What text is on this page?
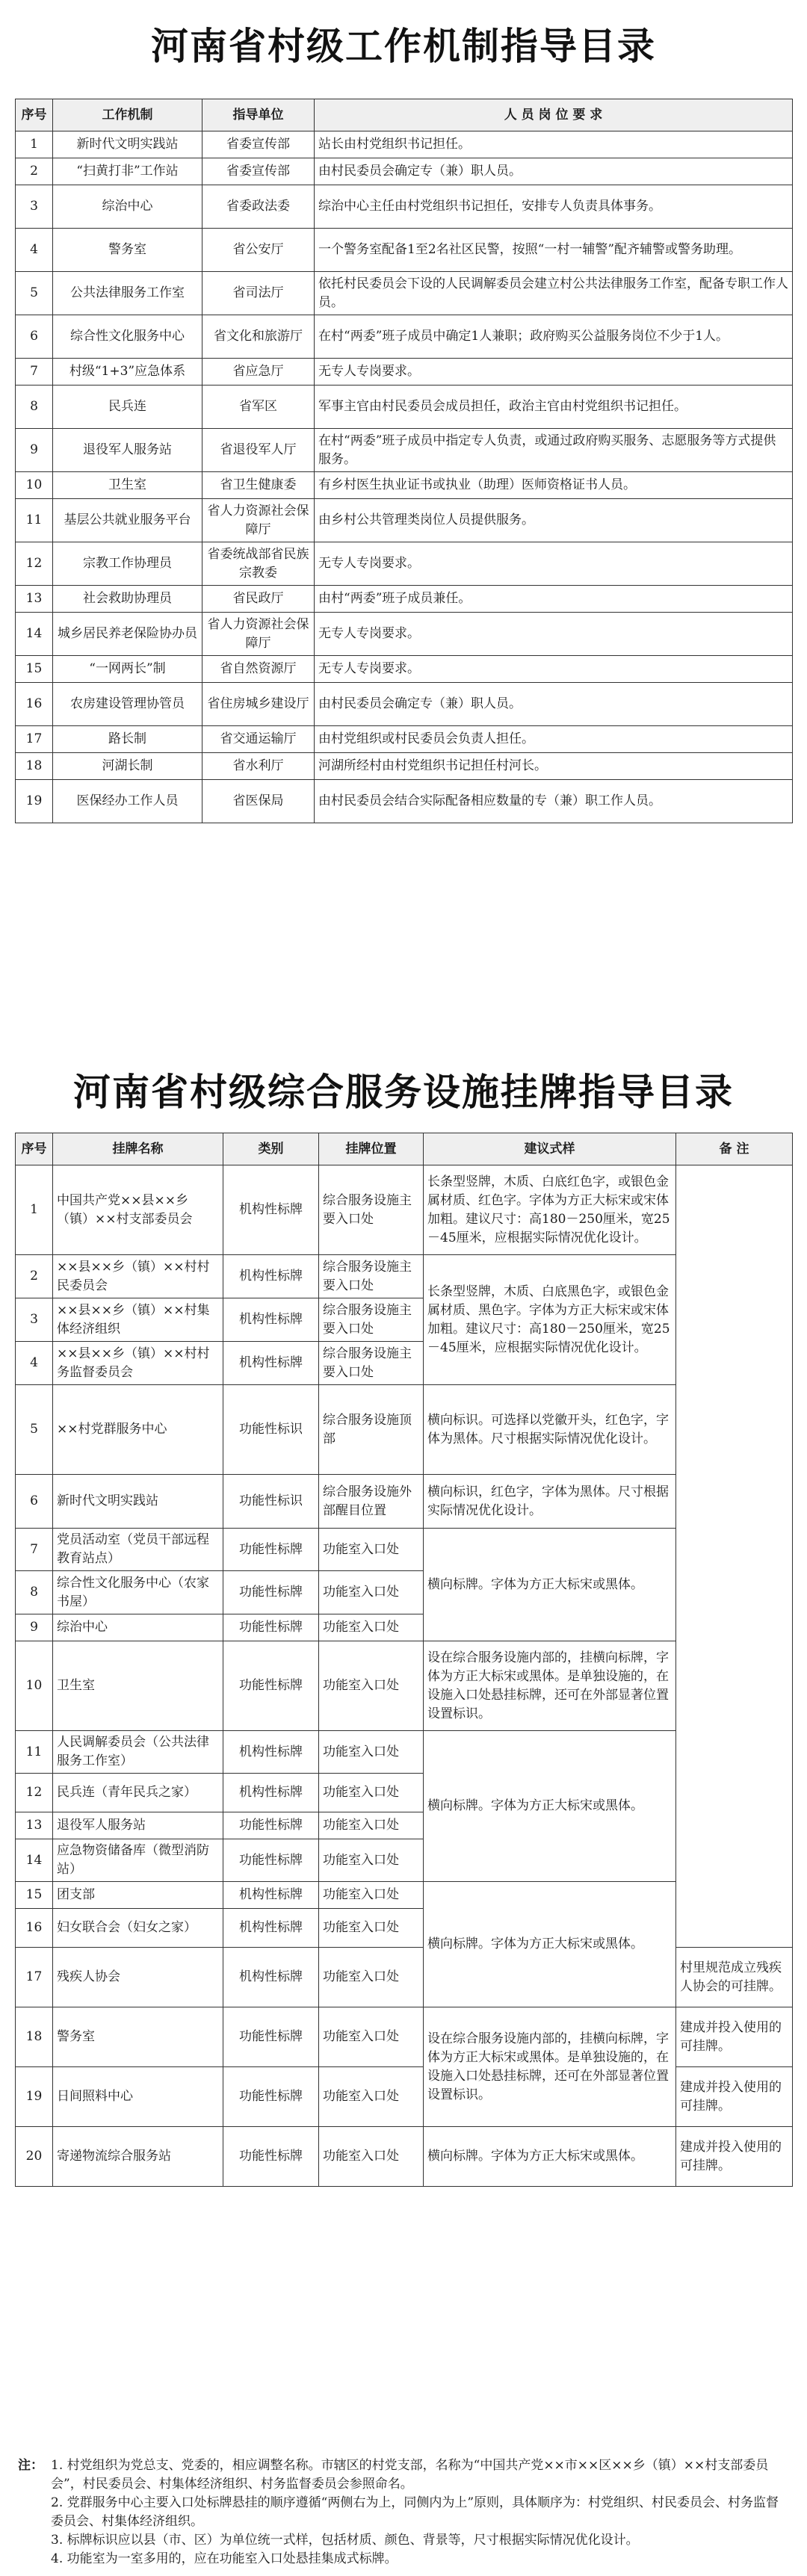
河南省村级工作机制指导目录
序号	工作机制	指导单位	人 员 岗 位 要 求
1	新时代文明实践站	省委宣传部	站长由村党组织书记担任。
2	“扫黄打非”工作站	省委宣传部	由村民委员会确定专（兼）职人员。
3	综治中心	省委政法委	综治中心主任由村党组织书记担任，安排专人负责具体事务。
4	警务室	省公安厅	一个警务室配备1至2名社区民警，按照“一村一辅警”配齐辅警或警务助理。
5	公共法律服务工作室	省司法厅	依托村民委员会下设的人民调解委员会建立村公共法律服务工作室，配备专职工作人员。
6	综合性文化服务中心	省文化和旅游厅	在村“两委”班子成员中确定1人兼职；政府购买公益服务岗位不少于1人。
7	村级“1+3”应急体系	省应急厅	无专人专岗要求。
8	民兵连	省军区	军事主官由村民委员会成员担任，政治主官由村党组织书记担任。
9	退役军人服务站	省退役军人厅	在村“两委”班子成员中指定专人负责，或通过政府购买服务、志愿服务等方式提供服务。
10	卫生室	省卫生健康委	有乡村医生执业证书或执业（助理）医师资格证书人员。
11	基层公共就业服务平台	省人力资源社会保障厅	由乡村公共管理类岗位人员提供服务。
12	宗教工作协理员	省委统战部省民族宗教委	无专人专岗要求。
13	社会救助协理员	省民政厅	由村“两委”班子成员兼任。
14	城乡居民养老保险协办员	省人力资源社会保障厅	无专人专岗要求。
15	“一网两长”制	省自然资源厅	无专人专岗要求。
16	农房建设管理协管员	省住房城乡建设厅	由村民委员会确定专（兼）职人员。
17	路长制	省交通运输厅	由村党组织或村民委员会负责人担任。
18	河湖长制	省水利厅	河湖所经村由村党组织书记担任村河长。
19	医保经办工作人员	省医保局	由村民委员会结合实际配备相应数量的专（兼）职工作人员。
河南省村级综合服务设施挂牌指导目录
序号	挂牌名称	类别	挂牌位置	建议式样	备 注
1	中国共产党××县××乡（镇）××村支部委员会	机构性标牌	综合服务设施主要入口处	长条型竖牌，木质、白底红色字，或银色金属材质、红色字。字体为方正大标宋或宋体加粗。建议尺寸：高180－250厘米，宽25－45厘米，应根据实际情况优化设计。	
2	××县××乡（镇）××村村民委员会	机构性标牌	综合服务设施主要入口处	长条型竖牌，木质、白底黑色字，或银色金属材质、黑色字。字体为方正大标宋或宋体加粗。建议尺寸：高180－250厘米，宽25－45厘米，应根据实际情况优化设计。	
3	××县××乡（镇）××村集体经济组织	机构性标牌	综合服务设施主要入口处		
4	××县××乡（镇）××村村务监督委员会	机构性标牌	综合服务设施主要入口处		
5	××村党群服务中心	功能性标识	综合服务设施顶部	横向标识。可选择以党徽开头，红色字，字体为黑体。尺寸根据实际情况优化设计。	
6	新时代文明实践站	功能性标识	综合服务设施外部醒目位置	横向标识，红色字，字体为黑体。尺寸根据实际情况优化设计。	
7	党员活动室（党员干部远程教育站点）	功能性标牌	功能室入口处	横向标牌。字体为方正大标宋或黑体。	
8	综合性文化服务中心（农家书屋）	功能性标牌	功能室入口处		
9	综治中心	功能性标牌	功能室入口处		
10	卫生室	功能性标牌	功能室入口处	设在综合服务设施内部的，挂横向标牌，字体为方正大标宋或黑体。是单独设施的，在设施入口处悬挂标牌，还可在外部显著位置设置标识。	
11	人民调解委员会（公共法律服务工作室）	机构性标牌	功能室入口处	横向标牌。字体为方正大标宋或黑体。	
12	民兵连（青年民兵之家）	机构性标牌	功能室入口处		
13	退役军人服务站	功能性标牌	功能室入口处		
14	应急物资储备库（微型消防站）	功能性标牌	功能室入口处		
15	团支部	机构性标牌	功能室入口处	横向标牌。字体为方正大标宋或黑体。	
16	妇女联合会（妇女之家）	机构性标牌	功能室入口处		
17	残疾人协会	机构性标牌	功能室入口处		村里规范成立残疾人协会的可挂牌。
18	警务室	功能性标牌	功能室入口处	设在综合服务设施内部的，挂横向标牌，字体为方正大标宋或黑体。是单独设施的，在设施入口处悬挂标牌，还可在外部显著位置设置标识。	建成并投入使用的可挂牌。
19	日间照料中心	功能性标牌	功能室入口处		建成并投入使用的可挂牌。
20	寄递物流综合服务站	功能性标牌	功能室入口处	横向标牌。字体为方正大标宋或黑体。	建成并投入使用的可挂牌。
注： 1. 村党组织为党总支、党委的，相应调整名称。市辖区的村党支部，名称为“中国共产党××市××区××乡（镇）××村支部委员会”，村民委员会、村集体经济组织、村务监督委员会参照命名。
2. 党群服务中心主要入口处标牌悬挂的顺序遵循“两侧右为上，同侧内为上”原则，具体顺序为：村党组织、村民委员会、村务监督委员会、村集体经济组织。
3. 标牌标识应以县（市、区）为单位统一式样，包括材质、颜色、背景等，尺寸根据实际情况优化设计。
4. 功能室为一室多用的，应在功能室入口处悬挂集成式标牌。
